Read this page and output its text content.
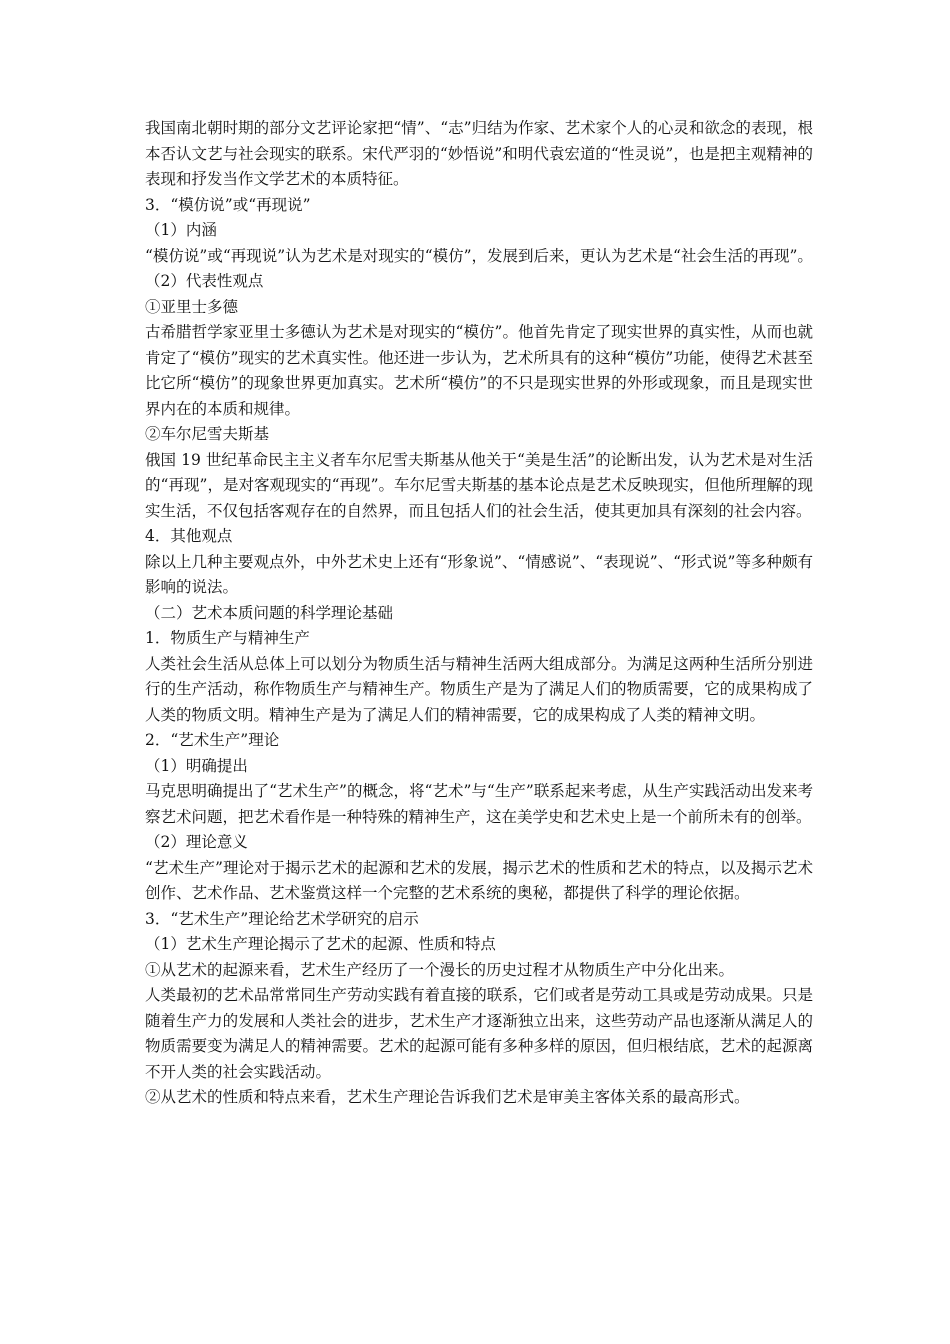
我国南北朝时期的部分文艺评论家把“情”、“志”归结为作家、艺术家个人的心灵和欲念的表现，根本否认文艺与社会现实的联系。宋代严羽的“妙悟说”和明代袁宏道的“性灵说”，也是把主观精神的表现和抒发当作文学艺术的本质特征。

3．“模仿说”或“再现说”

（1）内涵

“模仿说”或“再现说”认为艺术是对现实的“模仿”，发展到后来，更认为艺术是“社会生活的再现”。

（2）代表性观点

①亚里士多德

古希腊哲学家亚里士多德认为艺术是对现实的“模仿”。他首先肯定了现实世界的真实性，从而也就肯定了“模仿”现实的艺术真实性。他还进一步认为，艺术所具有的这种“模仿”功能，使得艺术甚至比它所“模仿”的现象世界更加真实。艺术所“模仿”的不只是现实世界的外形或现象，而且是现实世界内在的本质和规律。

②车尔尼雪夫斯基

俄国 19 世纪革命民主主义者车尔尼雪夫斯基从他关于“美是生活”的论断出发，认为艺术是对生活的“再现”，是对客观现实的“再现”。车尔尼雪夫斯基的基本论点是艺术反映现实，但他所理解的现实生活，不仅包括客观存在的自然界，而且包括人们的社会生活，使其更加具有深刻的社会内容。

4．其他观点

除以上几种主要观点外，中外艺术史上还有“形象说”、“情感说”、“表现说”、“形式说”等多种颇有影响的说法。

（二）艺术本质问题的科学理论基础

1．物质生产与精神生产

人类社会生活从总体上可以划分为物质生活与精神生活两大组成部分。为满足这两种生活所分别进行的生产活动，称作物质生产与精神生产。物质生产是为了满足人们的物质需要，它的成果构成了人类的物质文明。精神生产是为了满足人们的精神需要，它的成果构成了人类的精神文明。

2．“艺术生产”理论

（1）明确提出

马克思明确提出了“艺术生产”的概念，将“艺术”与“生产”联系起来考虑，从生产实践活动出发来考察艺术问题，把艺术看作是一种特殊的精神生产，这在美学史和艺术史上是一个前所未有的创举。

（2）理论意义

“艺术生产”理论对于揭示艺术的起源和艺术的发展，揭示艺术的性质和艺术的特点，以及揭示艺术创作、艺术作品、艺术鉴赏这样一个完整的艺术系统的奥秘，都提供了科学的理论依据。

3．“艺术生产”理论给艺术学研究的启示

（1）艺术生产理论揭示了艺术的起源、性质和特点

①从艺术的起源来看，艺术生产经历了一个漫长的历史过程才从物质生产中分化出来。

人类最初的艺术品常常同生产劳动实践有着直接的联系，它们或者是劳动工具或是劳动成果。只是随着生产力的发展和人类社会的进步，艺术生产才逐渐独立出来，这些劳动产品也逐渐从满足人的物质需要变为满足人的精神需要。艺术的起源可能有多种多样的原因，但归根结底，艺术的起源离不开人类的社会实践活动。

②从艺术的性质和特点来看，艺术生产理论告诉我们艺术是审美主客体关系的最高形式。
